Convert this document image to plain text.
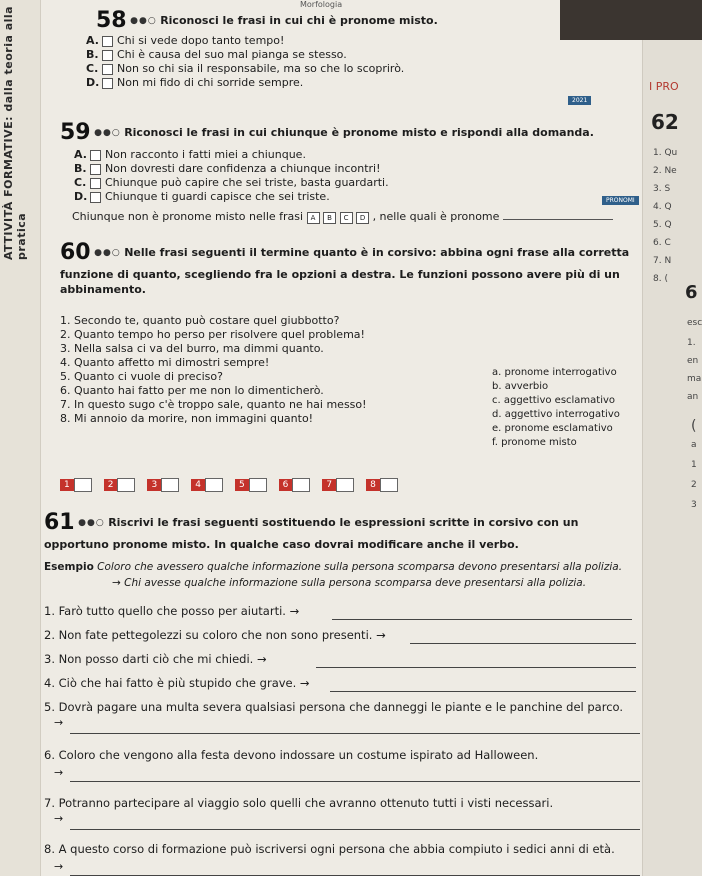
Morfologia
ATTIVITÀ FORMATIVE: dalla teoria alla pratica
58 ●●○ Riconosci le frasi in cui chi è pronome misto.
A. Chi si vede dopo tanto tempo!
B. Chi è causa del suo mal pianga se stesso.
C. Non so chi sia il responsabile, ma so che lo scoprirò.
D. Non mi fido di chi sorride sempre.
59 ●●○ Riconosci le frasi in cui chiunque è pronome misto e rispondi alla domanda.
A. Non racconto i fatti miei a chiunque.
B. Non dovresti dare confidenza a chiunque incontri!
C. Chiunque può capire che sei triste, basta guardarti.
D. Chiunque ti guardi capisce che sei triste.
Chiunque non è pronome misto nelle frasi A B C D , nelle quali è pronome
60 ●●○ Nelle frasi seguenti il termine quanto è in corsivo: abbina ogni frase alla corretta funzione di quanto, scegliendo fra le opzioni a destra. Le funzioni possono avere più di un abbinamento.
1. Secondo te, quanto può costare quel giubbotto?
2. Quanto tempo ho perso per risolvere quel problema!
3. Nella salsa ci va del burro, ma dimmi quanto.
4. Quanto affetto mi dimostri sempre!
5. Quanto ci vuole di preciso?
6. Quanto hai fatto per me non lo dimenticherò.
7. In questo sugo c'è troppo sale, quanto ne hai messo!
8. Mi annoio da morire, non immagini quanto!
a. pronome interrogativo
b. avverbio
c. aggettivo esclamativo
d. aggettivo interrogativo
e. pronome esclamativo
f. pronome misto
1	2	3	4	5	6	7	8
61 ●●○ Riscrivi le frasi seguenti sostituendo le espressioni scritte in corsivo con un opportuno pronome misto. In qualche caso dovrai modificare anche il verbo.
Esempio Coloro che avessero qualche informazione sulla persona scomparsa devono presentarsi alla polizia.
→ Chi avesse qualche informazione sulla persona scomparsa deve presentarsi alla polizia.
1. Farò tutto quello che posso per aiutarti. →
2. Non fate pettegolezzi su coloro che non sono presenti. →
3. Non posso darti ciò che mi chiedi. →
4. Ciò che hai fatto è più stupido che grave. →
5. Dovrà pagare una multa severa qualsiasi persona che danneggi le piante e le panchine del parco.
→
6. Coloro che vengono alla festa devono indossare un costume ispirato ad Halloween.
→
7. Potranno partecipare al viaggio solo quelli che avranno ottenuto tutti i visti necessari.
→
8. A questo corso di formazione può iscriversi ogni persona che abbia compiuto i sedici anni di età.
→
2021
PRONOMI
I PRO
62
1. Qu
2. Ne
3. S
4. Q
5. Q
6. C
7. N
8. (
6
esc
1.
en
ma
an
(
a
1
2
3
